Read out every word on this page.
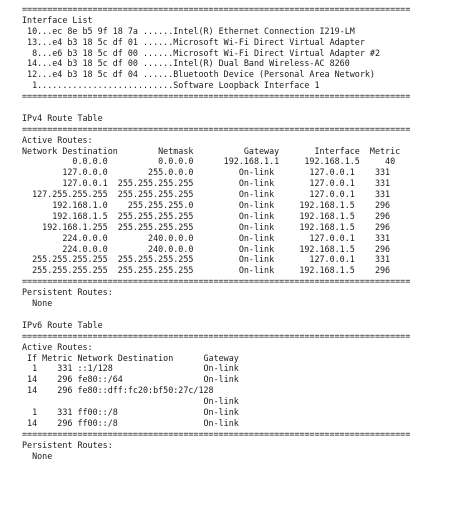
=============================================================================
Interface List
10...ec 8e b5 9f 18 7a ......Intel(R) Ethernet Connection I219-LM
13...e4 b3 18 5c df 01 ......Microsoft Wi-Fi Direct Virtual Adapter
8...e6 b3 18 5c df 00 ......Microsoft Wi-Fi Direct Virtual Adapter #2
14...e4 b3 18 5c df 00 ......Intel(R) Dual Band Wireless-AC 8260
12...e4 b3 18 5c df 04 ......Bluetooth Device (Personal Area Network)
1...........................Software Loopback Interface 1
=============================================================================
IPv4 Route Table
=============================================================================
Active Routes:
Network Destination        Netmask          Gateway       Interface  Metric
0.0.0.0          0.0.0.0      192.168.1.1     192.168.1.5     40
127.0.0.0        255.0.0.0         On-link       127.0.0.1    331
127.0.0.1  255.255.255.255         On-link       127.0.0.1    331
127.255.255.255  255.255.255.255         On-link       127.0.0.1    331
192.168.1.0    255.255.255.0         On-link     192.168.1.5    296
192.168.1.5  255.255.255.255         On-link     192.168.1.5    296
192.168.1.255  255.255.255.255         On-link     192.168.1.5    296
224.0.0.0        240.0.0.0         On-link       127.0.0.1    331
224.0.0.0        240.0.0.0         On-link     192.168.1.5    296
255.255.255.255  255.255.255.255         On-link       127.0.0.1    331
255.255.255.255  255.255.255.255         On-link     192.168.1.5    296
=============================================================================
Persistent Routes:
None
IPv6 Route Table
=============================================================================
Active Routes:
If Metric Network Destination      Gateway
1    331 ::1/128                  On-link
14    296 fe80::/64                On-link
14    296 fe80::dff:fc20:bf50:27c/128
On-link
1    331 ff00::/8                 On-link
14    296 ff00::/8                 On-link
=============================================================================
Persistent Routes:
None
